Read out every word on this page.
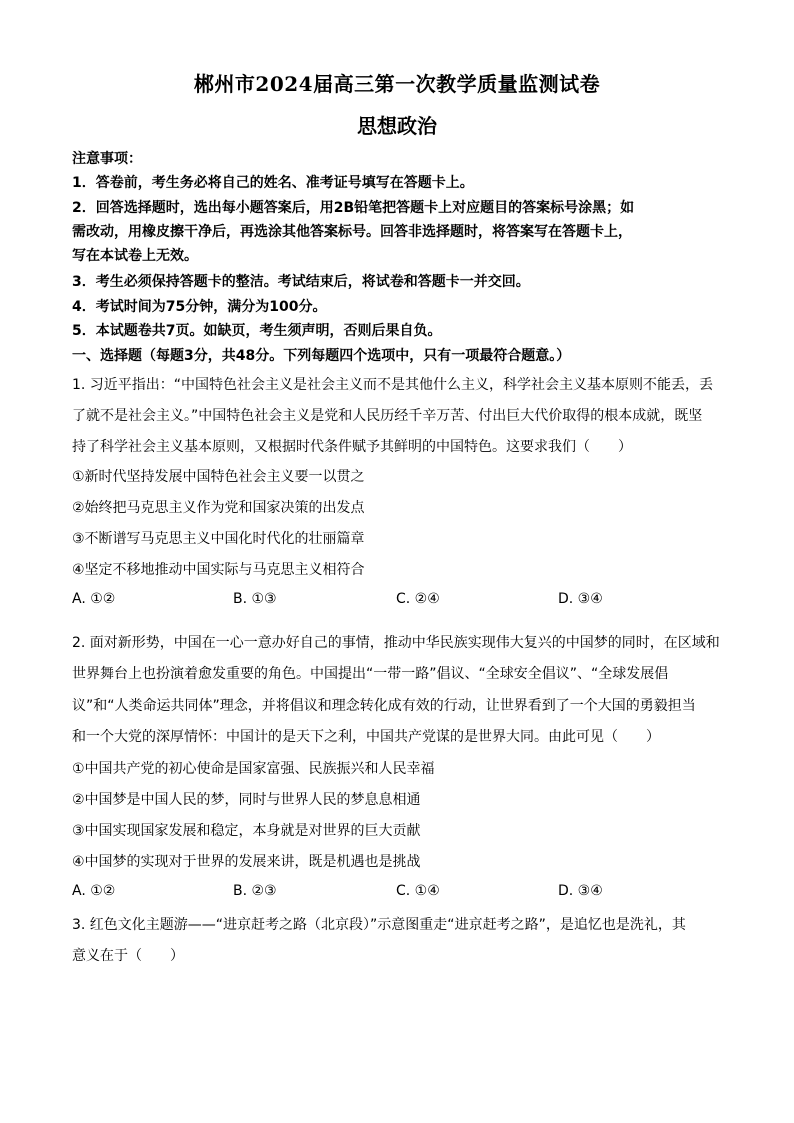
郴州市2024届高三第一次教学质量监测试卷
思想政治
注意事项：
1．答卷前，考生务必将自己的姓名、准考证号填写在答题卡上。
2．回答选择题时，选出每小题答案后，用2B铅笔把答题卡上对应题目的答案标号涂黑；如
需改动，用橡皮擦干净后，再选涂其他答案标号。回答非选择题时，将答案写在答题卡上，
写在本试卷上无效。
3．考生必须保持答题卡的整洁。考试结束后，将试卷和答题卡一并交回。
4．考试时间为75分钟，满分为100分。
5．本试题卷共7页。如缺页，考生须声明，否则后果自负。
一、选择题（每题3分，共48分。下列每题四个选项中，只有一项最符合题意。）
1. 习近平指出：“中国特色社会主义是社会主义而不是其他什么主义，科学社会主义基本原则不能丢，丢
了就不是社会主义。”中国特色社会主义是党和人民历经千辛万苦、付出巨大代价取得的根本成就，既坚
持了科学社会主义基本原则，又根据时代条件赋予其鲜明的中国特色。这要求我们（　　）
①新时代坚持发展中国特色社会主义要一以贯之
②始终把马克思主义作为党和国家决策的出发点
③不断谱写马克思主义中国化时代化的壮丽篇章
④坚定不移地推动中国实际与马克思主义相符合
A. ①②	B. ①③	C. ②④	D. ③④
2. 面对新形势，中国在一心一意办好自己的事情，推动中华民族实现伟大复兴的中国梦的同时，在区域和
世界舞台上也扮演着愈发重要的角色。中国提出“一带一路”倡议、“全球安全倡议”、“全球发展倡
议”和“人类命运共同体”理念，并将倡议和理念转化成有效的行动，让世界看到了一个大国的勇毅担当
和一个大党的深厚情怀：中国计的是天下之利，中国共产党谋的是世界大同。由此可见（　　）
①中国共产党的初心使命是国家富强、民族振兴和人民幸福
②中国梦是中国人民的梦，同时与世界人民的梦息息相通
③中国实现国家发展和稳定，本身就是对世界的巨大贡献
④中国梦的实现对于世界的发展来讲，既是机遇也是挑战
A. ①②	B. ②③	C. ①④	D. ③④
3. 红色文化主题游——“进京赶考之路（北京段）”示意图重走“进京赶考之路”，是追忆也是洗礼，其
意义在于（　　）
